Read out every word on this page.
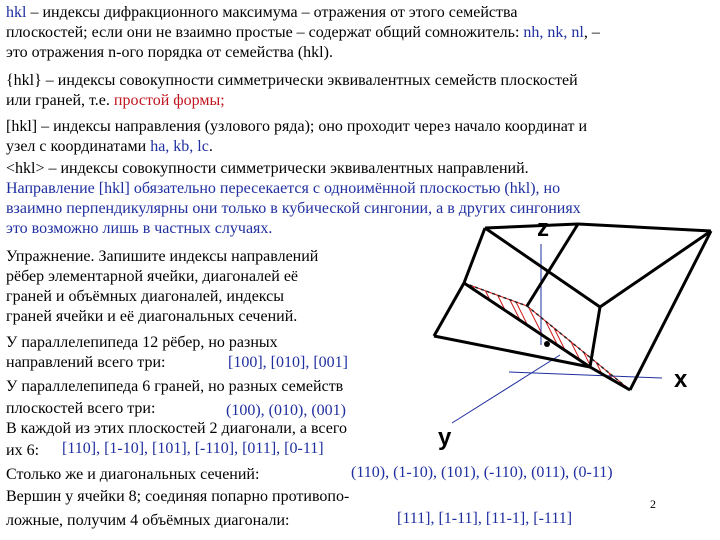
hkl – индексы дифракционного максимума – отражения от этого семейства
плоскостей; если они не взаимно простые – содержат общий сомножитель: nh, nk, nl, –
это отражения n-ого порядка от семейства (hkl).
{hkl} – индексы совокупности симметрически эквивалентных семейств плоскостей
или граней, т.е. простой формы;
[hkl] – индексы направления (узлового ряда); оно проходит через начало координат и
узел с координатами ha, kb, lc.
<hkl> – индексы совокупности симметрически эквивалентных направлений.
Направление [hkl] обязательно пересекается с одноимённой плоскостью (hkl), но
взаимно перпендикулярны они только в кубической сингонии, а в других сингониях
это возможно лишь в частных случаях.
Упражнение. Запишите индексы направлений
рёбер элементарной ячейки, диагоналей её
граней и объёмных диагоналей, индексы
граней ячейки и её диагональных сечений.
У параллелепипеда 12 рёбер, но разных
направлений всего три:	[100], [010], [001]
У параллелепипеда 6 граней, но разных семейств
плоскостей всего три:	(100), (010), (001)
В каждой из этих плоскостей 2 диагонали, а всего
их 6: [110], [1-10], [101], [-110], [011], [0-11]
Столько же и диагональных сечений:	(110), (1-10), (101), (-110), (011), (0-11)
Вершин у ячейки 8; соединяя попарно противопо-
ложные, получим 4 объёмных диагонали:	[111], [1-11], [11-1], [-111]
z
x
y
2
